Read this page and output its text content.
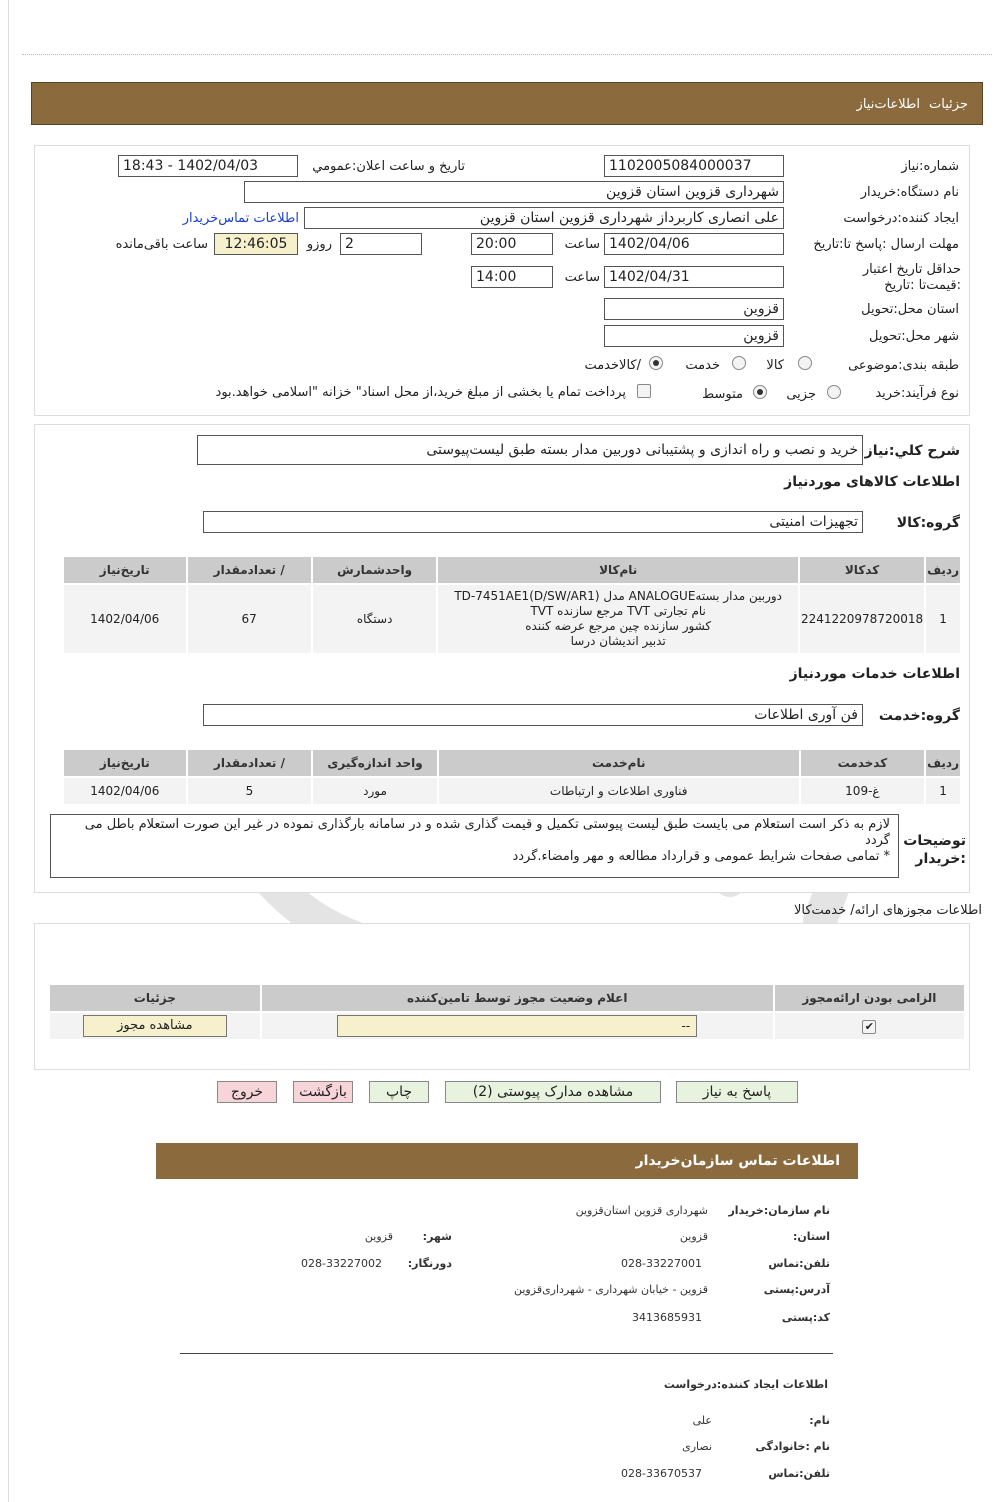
جزئیات
اطلاعات‌نیاز
شماره:نیاز
1102005084000037
تاریخ و ساعت اعلان:عمومي
1402/04/03 - 18:43
نام دستگاه:خریدار
شهرداری قزوین استان قزوین
ایجاد کننده:درخواست
علی انصاری کاربرداز شهرداری قزوین استان قزوین
اطلاعات تماس‌خریدار
مهلت ارسال :پاسخ تا:تاریخ
1402/04/06
ساعت
20:00
2
روزو
12:46:05
ساعت باقی‌مانده
حداقل تاریخ اعتبار :قیمت‌تا :تاریخ
1402/04/31
ساعت
14:00
استان محل:تحویل
قزوین
شهر محل:تحویل
قزوین
طبقه بندی:موضوعی
کالا
خدمت
/کالاخدمت
نوع فرآیند:
خرید
جزیی
متوسط
پرداخت تمام یا بخشی از مبلغ خرید،از محل اسناد" خزانه "اسلامی خواهد.بود
شرح کلي:نیاز
خرید و نصب و راه اندازی و پشتیبانی دوربین مدار بسته طبق لیست‌پیوستی
اطلاعات کالاهای موردنیاز
گروه:کالا
تجهیزات امنیتی
ردیف	کدکالا	نام‌کالا	واحدشمارش	/ تعدادمقدار	تاریخ‌نیاز
1	2241220978720018	دوربین مدار بستهANALOGUE مدل (TD-7451AE1(D/SW/AR1
نام تجارتی TVT مرجع سازنده TVT
کشور سازنده چین مرجع عرضه کننده
تدبیر اندیشان درسا	دستگاه	67	1402/04/06
اطلاعات خدمات موردنیاز
گروه:خدمت
فن آوری اطلاعات
ردیف	کدخدمت	نام‌خدمت	واحد اندازه‌گیری	/ تعدادمقدار	تاریخ‌نیاز
1	غ-109	فناوری اطلاعات و ارتباطات	مورد	5	1402/04/06
توضیحات :خریدار
لازم به ذکر است استعلام می بایست طبق لیست پیوستی تکمیل و قیمت گذاری شده و در سامانه بارگذاری نموده در غیر این صورت استعلام باطل می گردد
* تمامی صفحات شرایط عمومی و قرارداد مطالعه و مهر وامضاء.گردد
اطلاعات مجوزهای ارائه/ خدمت‌کالا
الزامی بودن ارائه‌مجوز	اعلام وضعیت مجوز توسط تامین‌کننده	جزئیات
✔	--	مشاهده مجوز
پاسخ به نیاز
مشاهده مدارک پیوستی (2)
چاپ
بازگشت
خروج
اطلاعات تماس سازمان‌خریدار
نام سازمان:خریدار
شهرداری قزوین استان‌قزوین
استان:
قزوین
شهر:
قزوین
تلفن:تماس
028-33227001
دورنگار:
028-33227002
آدرس:پستی
قزوین - خیابان شهرداری - شهرداری‌قزوین
کد:پستی
3413685931
اطلاعات ایجاد کننده:درخواست
نام:
علی
نام :خانوادگی
نصاری
تلفن:تماس
028-33670537
